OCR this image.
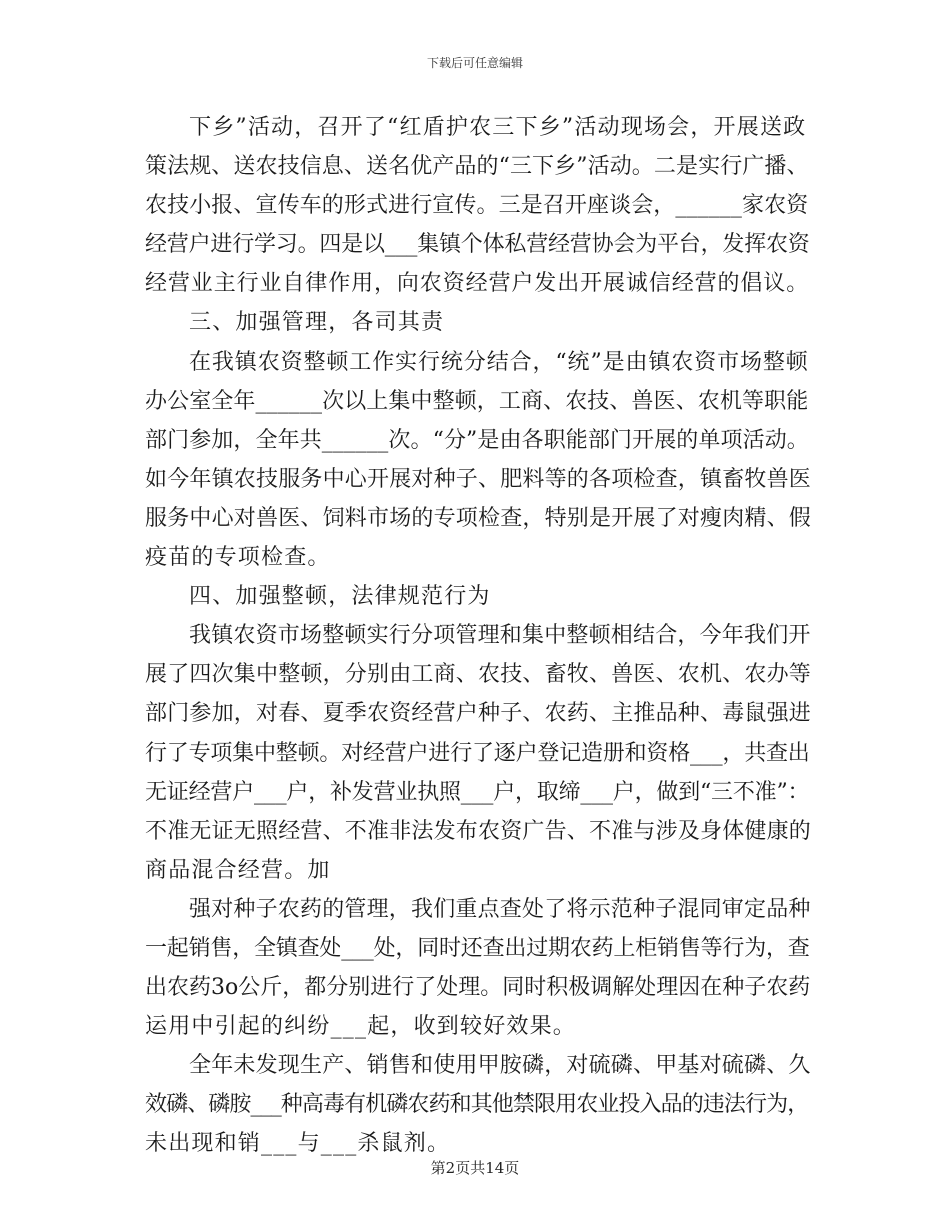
下载后可任意编辑
下乡”活动，召开了“红盾护农三下乡”活动现场会，开展送政
策法规、送农技信息、送名优产品的“三下乡”活动。二是实行广播、
农技小报、宣传车的形式进行宣传。三是召开座谈会，______家农资
经营户进行学习。四是以___集镇个体私营经营协会为平台，发挥农资
经营业主行业自律作用，向农资经营户发出开展诚信经营的倡议。
三、加强管理，各司其责
在我镇农资整顿工作实行统分结合，“统”是由镇农资市场整顿
办公室全年______次以上集中整顿，工商、农技、兽医、农机等职能
部门参加，全年共______次。“分”是由各职能部门开展的单项活动。
如今年镇农技服务中心开展对种子、肥料等的各项检查，镇畜牧兽医
服务中心对兽医、饲料市场的专项检查，特别是开展了对瘦肉精、假
疫苗的专项检查。
四、加强整顿，法律规范行为
我镇农资市场整顿实行分项管理和集中整顿相结合，今年我们开
展了四次集中整顿，分别由工商、农技、畜牧、兽医、农机、农办等
部门参加，对春、夏季农资经营户种子、农药、主推品种、毒鼠强进
行了专项集中整顿。对经营户进行了逐户登记造册和资格___，共查出
无证经营户___户，补发营业执照___户，取缔___户，做到“三不准”：
不准无证无照经营、不准非法发布农资广告、不准与涉及身体健康的
商品混合经营。加
强对种子农药的管理，我们重点查处了将示范种子混同审定品种
一起销售，全镇查处___处，同时还查出过期农药上柜销售等行为，查
出农药3o公斤，都分别进行了处理。同时积极调解处理因在种子农药
运用中引起的纠纷___起，收到较好效果。
全年未发现生产、销售和使用甲胺磷，对硫磷、甲基对硫磷、久
效磷、磷胺___种高毒有机磷农药和其他禁限用农业投入品的违法行为，
未出现和销___与___杀鼠剂。
第2页共14页
